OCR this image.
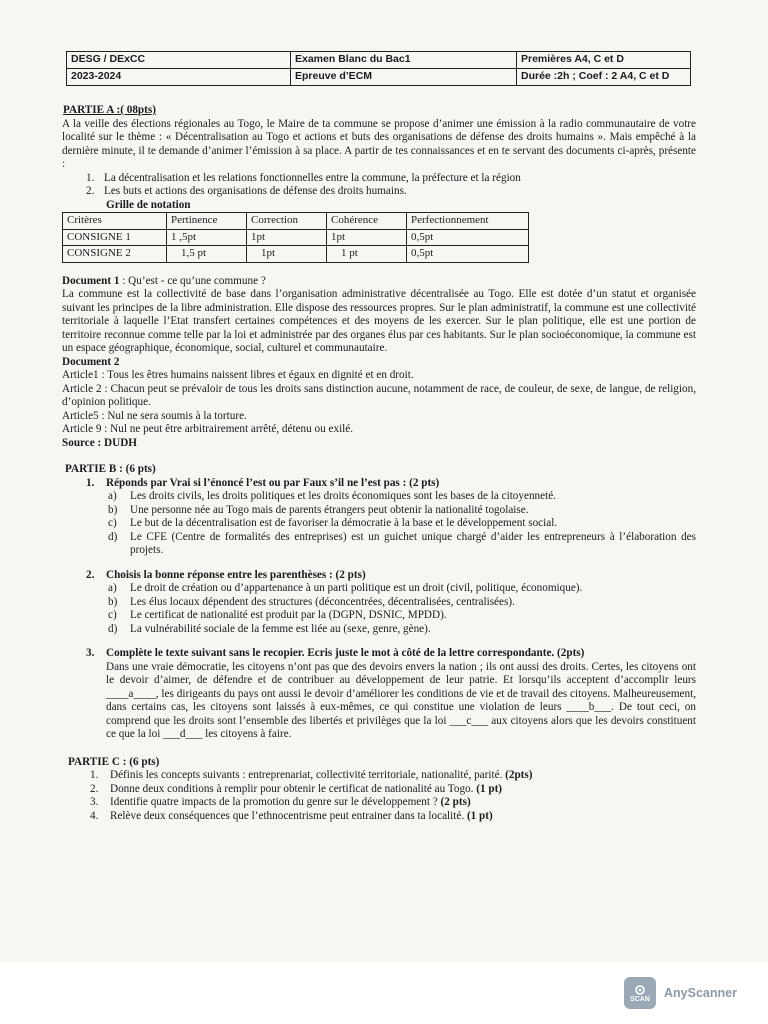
DESG / DExCC	Examen Blanc du Bac1	Premières A4, C et D
2023-2024	Epreuve d’ECM	Durée :2h ; Coef : 2 A4, C et D

PARTIE A :( 08pts)

A la veille des élections régionales au Togo, le Maire de ta commune se propose d’animer une émission à la radio communautaire de votre localité sur le thème : « Décentralisation au Togo et actions et buts des organisations de défense des droits humains ». Mais empêché à la dernière minute, il te demande d’animer l’émission à sa place. A partir de tes connaissances et en te servant des documents ci-après, présente :

1. La décentralisation et les relations fonctionnelles entre la commune, la préfecture et la région
2. Les buts et actions des organisations de défense des droits humains.

Grille de notation

Critères	Pertinence	Correction	Cohérence	Perfectionnement
CONSIGNE 1	1 ,5pt	1pt	1pt	0,5pt
CONSIGNE 2	1,5 pt	1pt	1 pt	0,5pt

Document 1 : Qu’est - ce qu’une commune ?

La commune est la collectivité de base dans l’organisation administrative décentralisée au Togo. Elle est dotée d’un statut et organisée suivant les principes de la libre administration. Elle dispose des ressources propres. Sur le plan administratif, la commune est une collectivité territoriale à laquelle l’Etat transfert certaines compétences et des moyens de les exercer. Sur le plan politique, elle est une portion de territoire reconnue comme telle par la loi et administrée par des organes élus par ces habitants. Sur le plan socioéconomique, la commune est un espace géographique, économique, social, culturel et communautaire.

Document 2

Article1 : Tous les êtres humains naissent libres et égaux en dignité et en droit.

Article 2 : Chacun peut se prévaloir de tous les droits sans distinction aucune, notamment de race, de couleur, de sexe, de langue, de religion, d’opinion politique.

Article5 : Nul ne sera soumis à la torture.

Article 9 : Nul ne peut être arbitrairement arrêté, détenu ou exilé.

Source : DUDH

PARTIE B : (6 pts)

1. Réponds par Vrai si l’énoncé l’est ou par Faux s’il ne l’est pas : (2 pts)

a)	Les droits civils, les droits politiques et les droits économiques sont les bases de la citoyenneté.
b)	Une personne née au Togo mais de parents étrangers peut obtenir la nationalité togolaise.
c)	Le but de la décentralisation est de favoriser la démocratie à la base et le développement social.
d)	Le CFE (Centre de formalités des entreprises) est un guichet unique chargé d’aider les entrepreneurs à l’élaboration des projets.

2. Choisis la bonne réponse entre les parenthèses : (2 pts)

a)	Le droit de création ou d’appartenance à un parti politique est un droit (civil, politique, économique).
b)	Les élus locaux dépendent des structures (déconcentrées, décentralisées, centralisées).
c)	Le certificat de nationalité est produit par la (DGPN, DSNIC, MPDD).
d)	La vulnérabilité sociale de la femme est liée au (sexe, genre, gène).

3. Complète le texte suivant sans le recopier. Ecris juste le mot à côté de la lettre correspondante. (2pts)

Dans une vraie démocratie, les citoyens n’ont pas que des devoirs envers la nation ; ils ont aussi des droits. Certes, les citoyens ont le devoir d’aimer, de défendre et de contribuer au développement de leur patrie. Et lorsqu’ils acceptent d’accomplir leurs ____a____, les dirigeants du pays ont aussi le devoir d’améliorer les conditions de vie et de travail des citoyens. Malheureusement, dans certains cas, les citoyens sont laissés à eux-mêmes, ce qui constitue une violation de leurs ____b___. De tout ceci, on comprend que les droits sont l’ensemble des libertés et privilèges que la loi ___c___ aux citoyens alors que les devoirs constituent ce que la loi ___d___ les citoyens à faire.

PARTIE C : (6 pts)

1.	Définis les concepts suivants : entreprenariat, collectivité territoriale, nationalité, parité. (2pts)
2.	Donne deux conditions à remplir pour obtenir le certificat de nationalité au Togo. (1 pt)
3.	Identifie quatre impacts de la promotion du genre sur le développement ? (2 pts)
4.	Relève deux conséquences que l’ethnocentrisme peut entrainer dans ta localité. (1 pt)
SCAN AnyScanner
